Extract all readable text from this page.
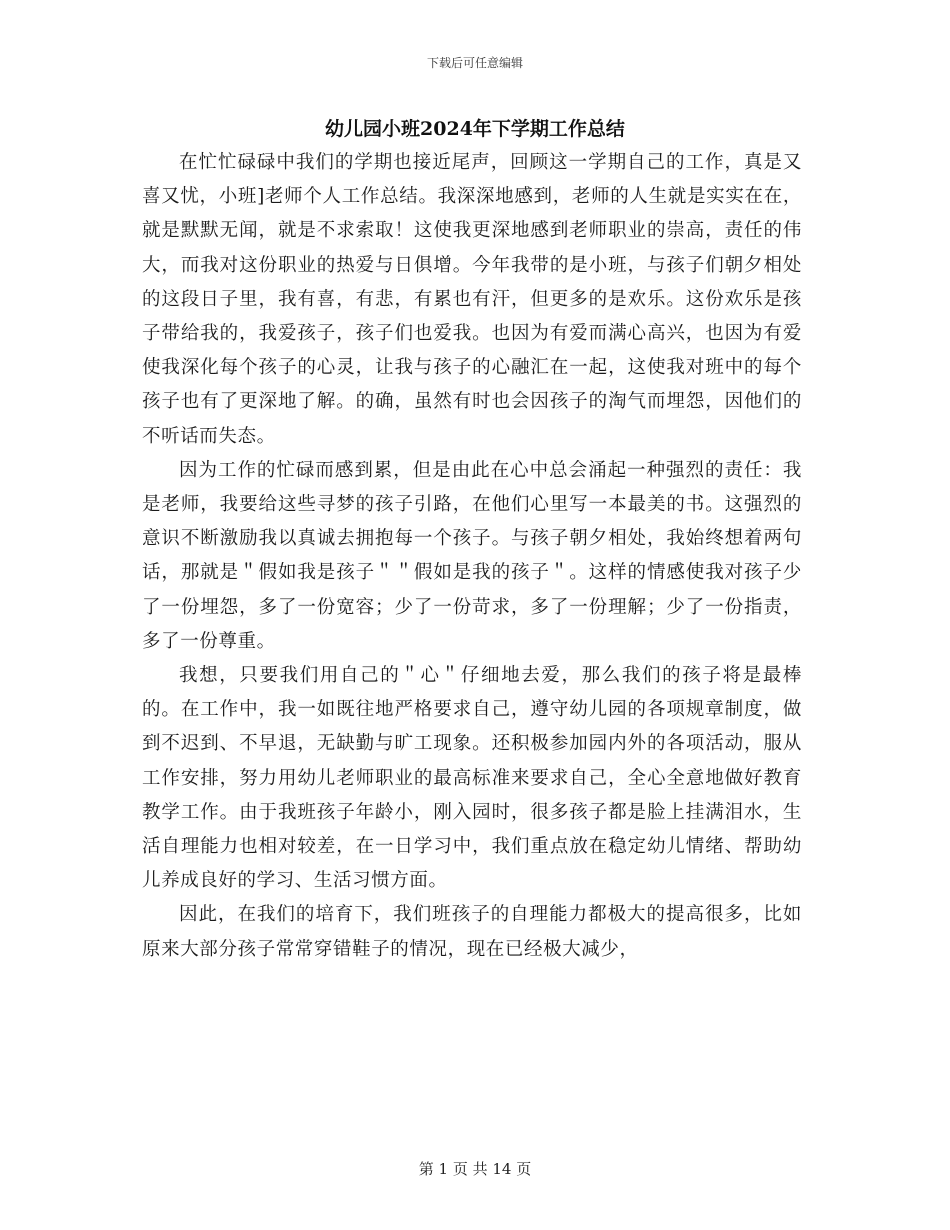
下载后可任意编辑
幼儿园小班2024年下学期工作总结

在忙忙碌碌中我们的学期也接近尾声，回顾这一学期自己的工作，真是又喜又忧，小班]老师个人工作总结。我深深地感到，老师的人生就是实实在在，就是默默无闻，就是不求索取！这使我更深地感到老师职业的崇高，责任的伟大，而我对这份职业的热爱与日俱增。今年我带的是小班，与孩子们朝夕相处的这段日子里，我有喜，有悲，有累也有汗，但更多的是欢乐。这份欢乐是孩子带给我的，我爱孩子，孩子们也爱我。也因为有爱而满心高兴，也因为有爱使我深化每个孩子的心灵，让我与孩子的心融汇在一起，这使我对班中的每个孩子也有了更深地了解。的确，虽然有时也会因孩子的淘气而埋怨，因他们的不听话而失态。

因为工作的忙碌而感到累，但是由此在心中总会涌起一种强烈的责任：我是老师，我要给这些寻梦的孩子引路，在他们心里写一本最美的书。这强烈的意识不断激励我以真诚去拥抱每一个孩子。与孩子朝夕相处，我始终想着两句话，那就是＂假如我是孩子＂＂假如是我的孩子＂。这样的情感使我对孩子少了一份埋怨，多了一份宽容；少了一份苛求，多了一份理解；少了一份指责，多了一份尊重。

我想，只要我们用自己的＂心＂仔细地去爱，那么我们的孩子将是最棒的。在工作中，我一如既往地严格要求自己，遵守幼儿园的各项规章制度，做到不迟到、不早退，无缺勤与旷工现象。还积极参加园内外的各项活动，服从工作安排，努力用幼儿老师职业的最高标准来要求自己，全心全意地做好教育教学工作。由于我班孩子年龄小，刚入园时，很多孩子都是脸上挂满泪水，生活自理能力也相对较差，在一日学习中，我们重点放在稳定幼儿情绪、帮助幼儿养成良好的学习、生活习惯方面。

因此，在我们的培育下，我们班孩子的自理能力都极大的提高很多，比如原来大部分孩子常常穿错鞋子的情况，现在已经极大减少，

第 1 页 共 14 页
